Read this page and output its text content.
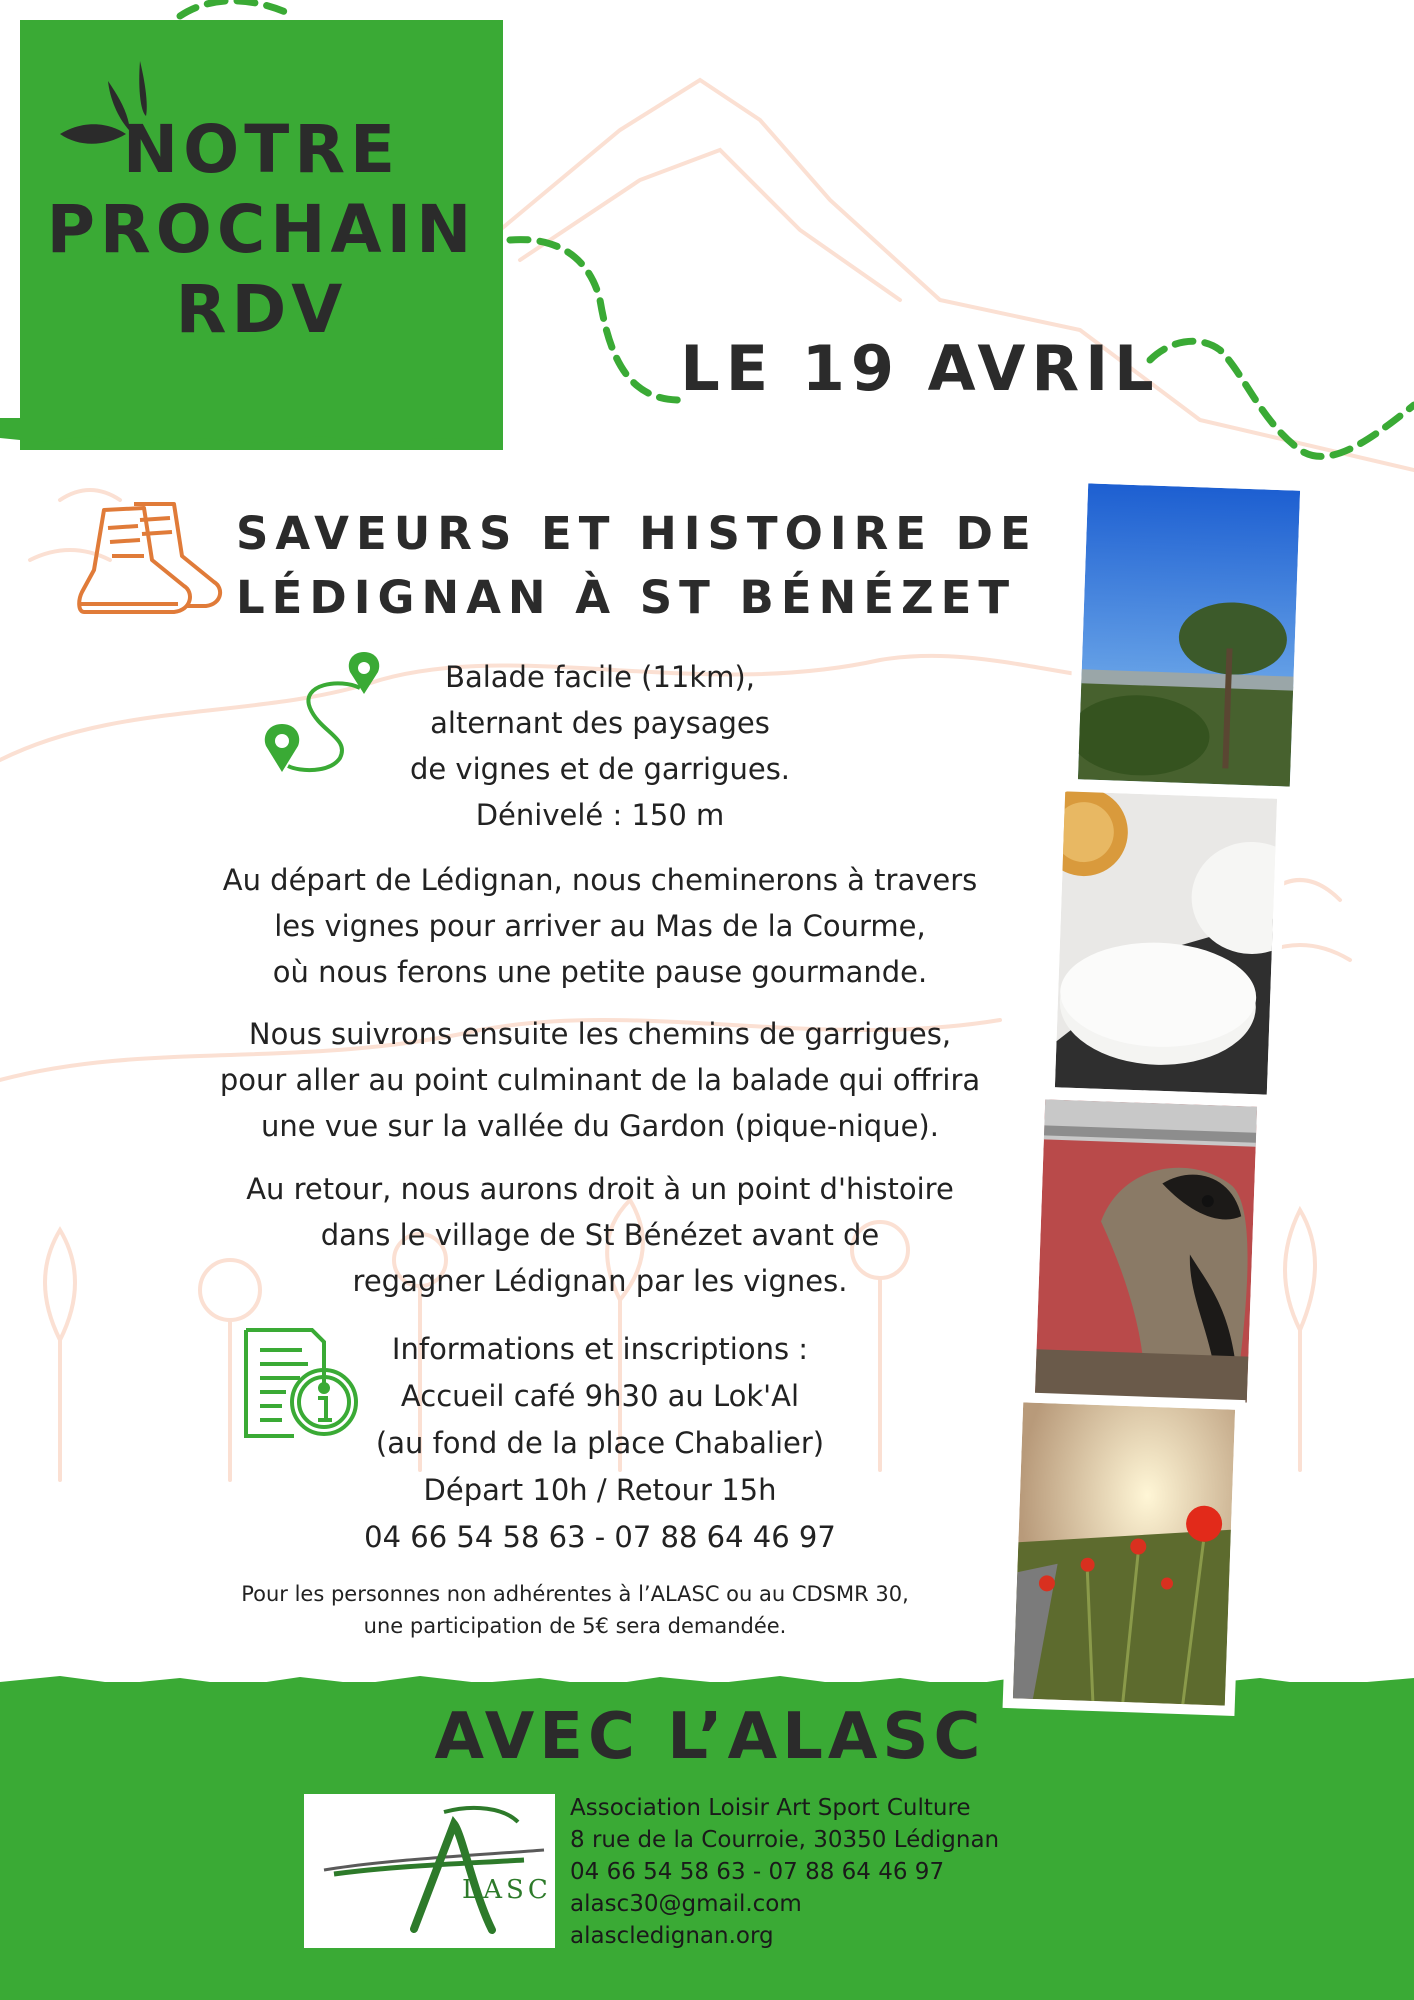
NOTRE
PROCHAIN
RDV
LE 19 AVRIL
SAVEURS ET HISTOIRE DE
LÉDIGNAN À ST BÉNÉZET
Balade facile (11km),
alternant des paysages
de vignes et de garrigues.
Dénivelé : 150 m
Au départ de Lédignan, nous cheminerons à travers
les vignes pour arriver au Mas de la Courme,
où nous ferons une petite pause gourmande.
Nous suivrons ensuite les chemins de garrigues,
pour aller au point culminant de la balade qui offrira
une vue sur la vallée du Gardon (pique-nique).
Au retour, nous aurons droit à un point d'histoire
dans le village de St Bénézet avant de
regagner Lédignan par les vignes.
Informations et inscriptions :
Accueil café 9h30 au Lok'Al
(au fond de la place Chabalier)
Départ 10h / Retour 15h
04 66 54 58 63 - 07 88 64 46 97
Pour les personnes non adhérentes à l’ALASC ou au CDSMR 30,
une participation de 5€ sera demandée.
AVEC L’ALASC
LASC
Association Loisir Art Sport Culture
8 rue de la Courroie, 30350 Lédignan
04 66 54 58 63 - 07 88 64 46 97
alasc30@gmail.com
alascledignan.org
